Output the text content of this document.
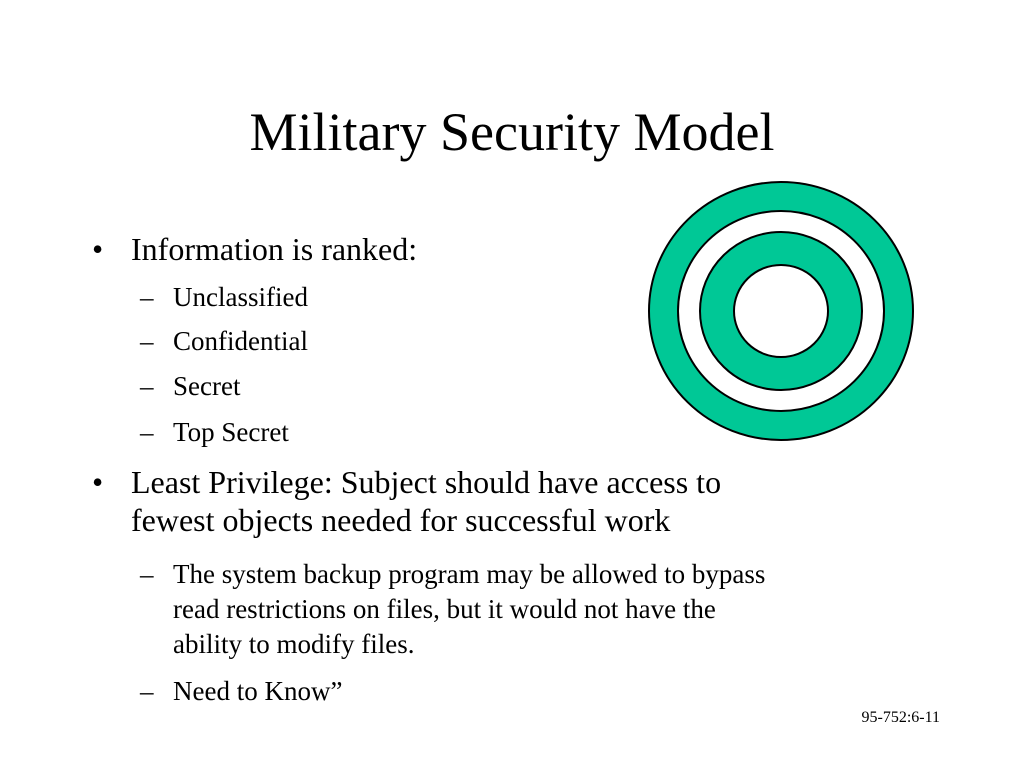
Military Security Model
• Information is ranked:
– Unclassified
– Confidential
– Secret
– Top Secret
• Least Privilege: Subject should have access to
fewest objects needed for successful work
– The system backup program may be allowed to bypass
read restrictions on files, but it would not have the
ability to modify files.
– Need to Know”
95-752:6-11
